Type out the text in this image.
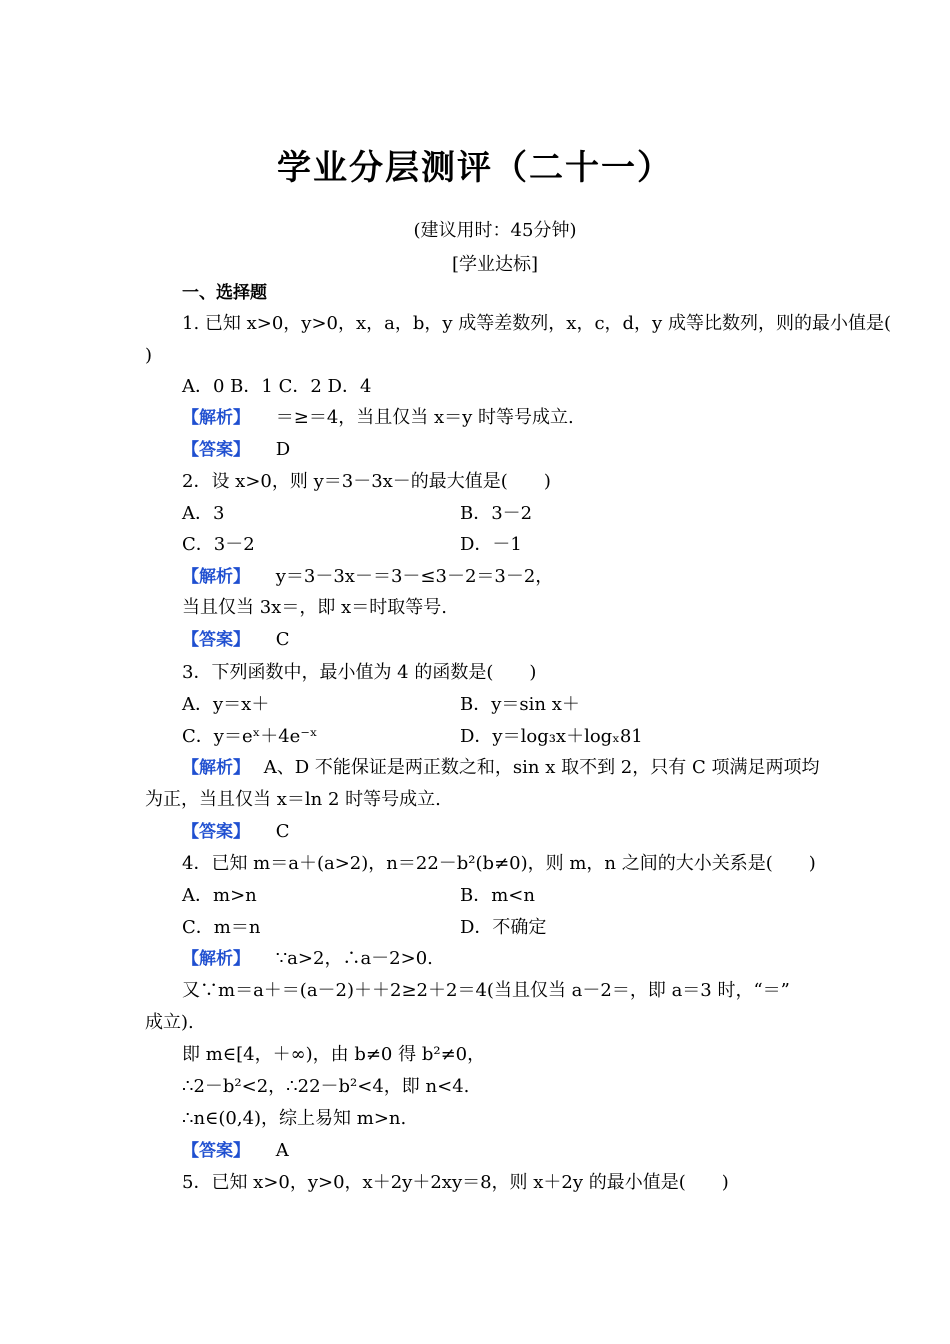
学业分层测评（二十一）
(建议用时：45分钟)
[学业达标]
一、选择题
1. 已知 x>0，y>0，x，a，b，y 成等差数列，x，c，d，y 成等比数列，则的最小值是(
)
A．0 B．1 C．2 D．4
【解析】 ＝≥＝4，当且仅当 x＝y 时等号成立.
【答案】 D
2．设 x>0，则 y＝3－3x－的最大值是(　　)
A．3	B．3－2
C．3－2	D．－1
【解析】 y＝3－3x－＝3－≤3－2＝3－2，
当且仅当 3x＝，即 x＝时取等号.
【答案】 C
3．下列函数中，最小值为 4 的函数是(　　)
A．y＝x＋	B．y＝sin x＋
C．y＝eˣ＋4e⁻ˣ	D．y＝log₃x＋logₓ81
【解析】 A、D 不能保证是两正数之和，sin x 取不到 2，只有 C 项满足两项均
为正，当且仅当 x＝ln 2 时等号成立.
【答案】 C
4．已知 m＝a＋(a>2)，n＝22－b²(b≠0)，则 m，n 之间的大小关系是(　　)
A．m>n	B．m<n
C．m＝n	D．不确定
【解析】 ∵a>2，∴a－2>0.
又∵m＝a＋＝(a－2)＋＋2≥2＋2＝4(当且仅当 a－2＝，即 a＝3 时，“＝”
成立).
即 m∈[4，＋∞)，由 b≠0 得 b²≠0，
∴2－b²<2，∴22－b²<4，即 n<4.
∴n∈(0,4)，综上易知 m>n.
【答案】 A
5．已知 x>0，y>0，x＋2y＋2xy＝8，则 x＋2y 的最小值是(　　)
